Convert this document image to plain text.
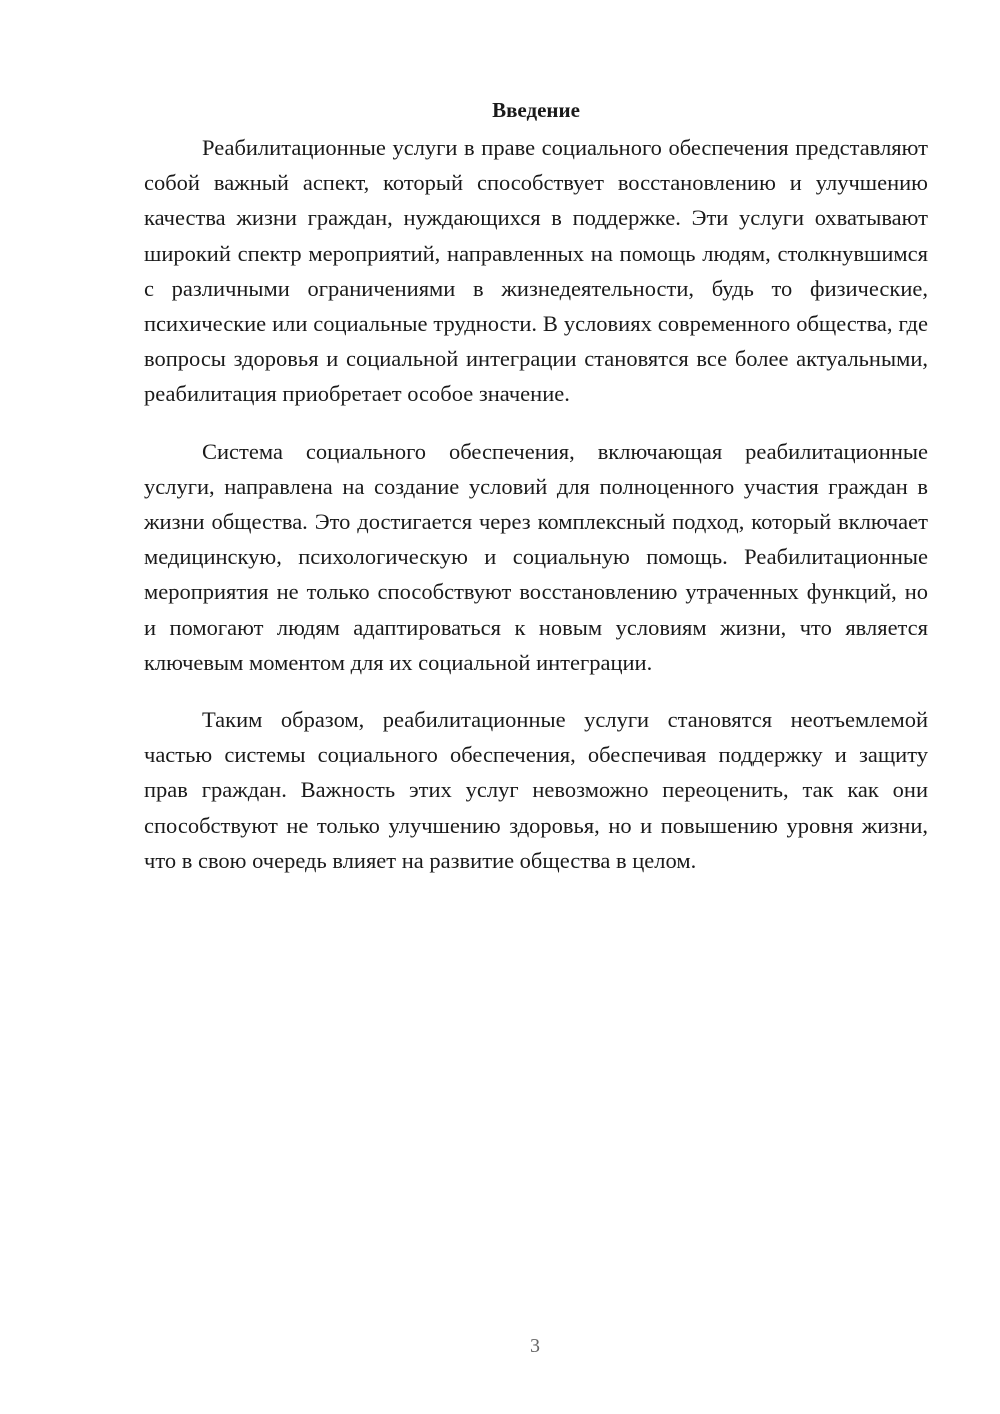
Введение

Реабилитационные услуги в праве социального обеспечения представляют собой важный аспект, который способствует восстановлению и улучшению качества жизни граждан, нуждающихся в поддержке. Эти услуги охватывают широкий спектр мероприятий, направленных на помощь людям, столкнувшимся с различными ограничениями в жизнедеятельности, будь то физические, психические или социальные трудности. В условиях современного общества, где вопросы здоровья и социальной интеграции становятся все более актуальными, реабилитация приобретает особое значение.

Система социального обеспечения, включающая реабилитационные услуги, направлена на создание условий для полноценного участия граждан в жизни общества. Это достигается через комплексный подход, который включает медицинскую, психологическую и социальную помощь. Реабилитационные мероприятия не только способствуют восстановлению утраченных функций, но и помогают людям адаптироваться к новым условиям жизни, что является ключевым моментом для их социальной интеграции.

Таким образом, реабилитационные услуги становятся неотъемлемой частью системы социального обеспечения, обеспечивая поддержку и защиту прав граждан. Важность этих услуг невозможно переоценить, так как они способствуют не только улучшению здоровья, но и повышению уровня жизни, что в свою очередь влияет на развитие общества в целом.

3
